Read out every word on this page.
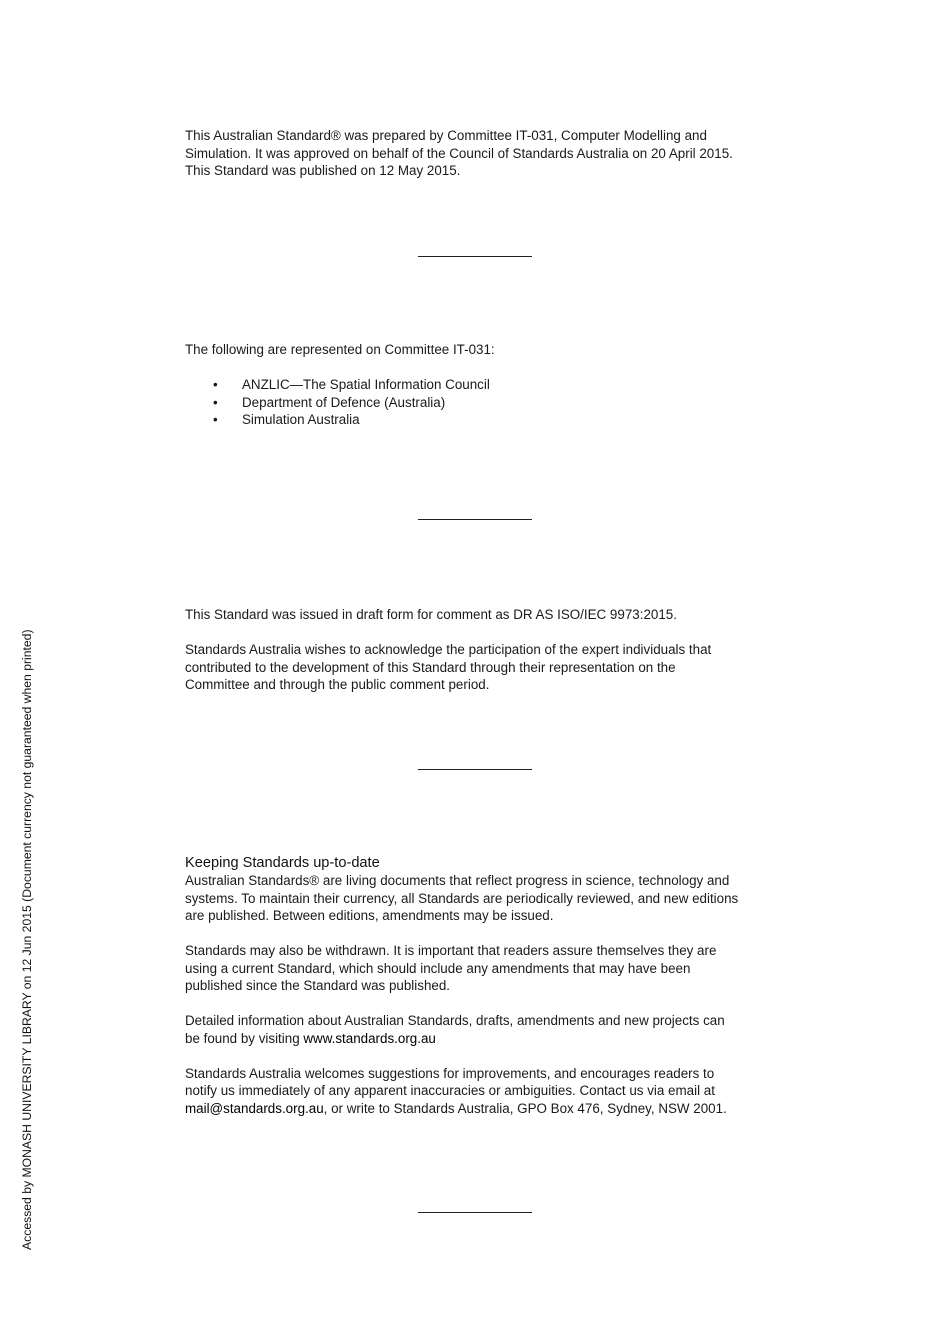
This Australian Standard® was prepared by Committee IT-031, Computer Modelling and

Simulation. It was approved on behalf of the Council of Standards Australia on 20 April 2015.

This Standard was published on 12 May 2015.

The following are represented on Committee IT-031:

• ANZLIC—The Spatial Information Council
• Department of Defence (Australia)
• Simulation Australia

This Standard was issued in draft form for comment as DR AS ISO/IEC 9973:2015.

Standards Australia wishes to acknowledge the participation of the expert individuals that

contributed to the development of this Standard through their representation on the

Committee and through the public comment period.

Keeping Standards up-to-date

Australian Standards® are living documents that reflect progress in science, technology and

systems. To maintain their currency, all Standards are periodically reviewed, and new editions

are published. Between editions, amendments may be issued.

Standards may also be withdrawn. It is important that readers assure themselves they are

using a current Standard, which should include any amendments that may have been

published since the Standard was published.

Detailed information about Australian Standards, drafts, amendments and new projects can

be found by visiting www.standards.org.au

Standards Australia welcomes suggestions for improvements, and encourages readers to

notify us immediately of any apparent inaccuracies or ambiguities. Contact us via email at

mail@standards.org.au, or write to Standards Australia, GPO Box 476, Sydney, NSW 2001.

Accessed by MONASH UNIVERSITY LIBRARY on 12 Jun 2015 (Document currency not guaranteed when printed)
